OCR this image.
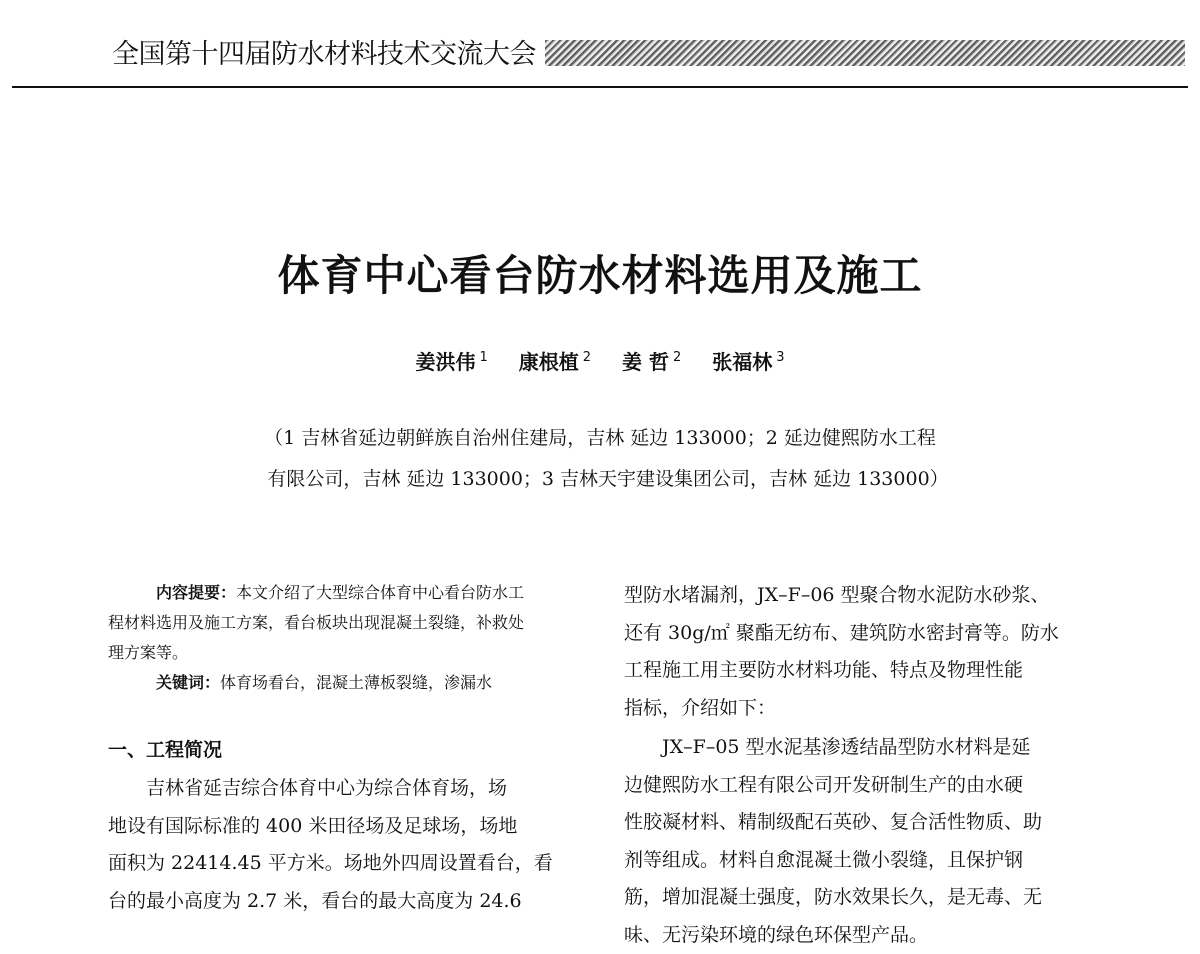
全国第十四届防水材料技术交流大会
体育中心看台防水材料选用及施工
姜洪伟 $^1$ 康根植 $^2$ 姜 哲 $^2$ 张福林 $^3$
（1 吉林省延边朝鲜族自治州住建局，吉林 延边 133000；2 延边健熙防水工程
有限公司，吉林 延边 133000；3 吉林天宇建设集团公司，吉林 延边 133000）
内容提要：本文介绍了大型综合体育中心看台防水工
程材料选用及施工方案，看台板块出现混凝土裂缝，补救处
理方案等。
关键词：体育场看台，混凝土薄板裂缝，渗漏水
一、工程简况
吉林省延吉综合体育中心为综合体育场，场
地设有国际标准的 400 米田径场及足球场，场地
面积为 22414.45 平方米。场地外四周设置看台，看
台的最小高度为 2.7 米，看台的最大高度为 24.6

型防水堵漏剂，JX–F–06 型聚合物水泥防水砂浆、

还有 30g/㎡ 聚酯无纺布、建筑防水密封膏等。防水

工程施工用主要防水材料功能、特点及物理性能

指标，介绍如下：

JX–F–05 型水泥基渗透结晶型防水材料是延

边健熙防水工程有限公司开发研制生产的由水硬

性胶凝材料、精制级配石英砂、复合活性物质、助

剂等组成。材料自愈混凝土微小裂缝，且保护钢

筋，增加混凝土强度，防水效果长久，是无毒、无

味、无污染环境的绿色环保型产品。
